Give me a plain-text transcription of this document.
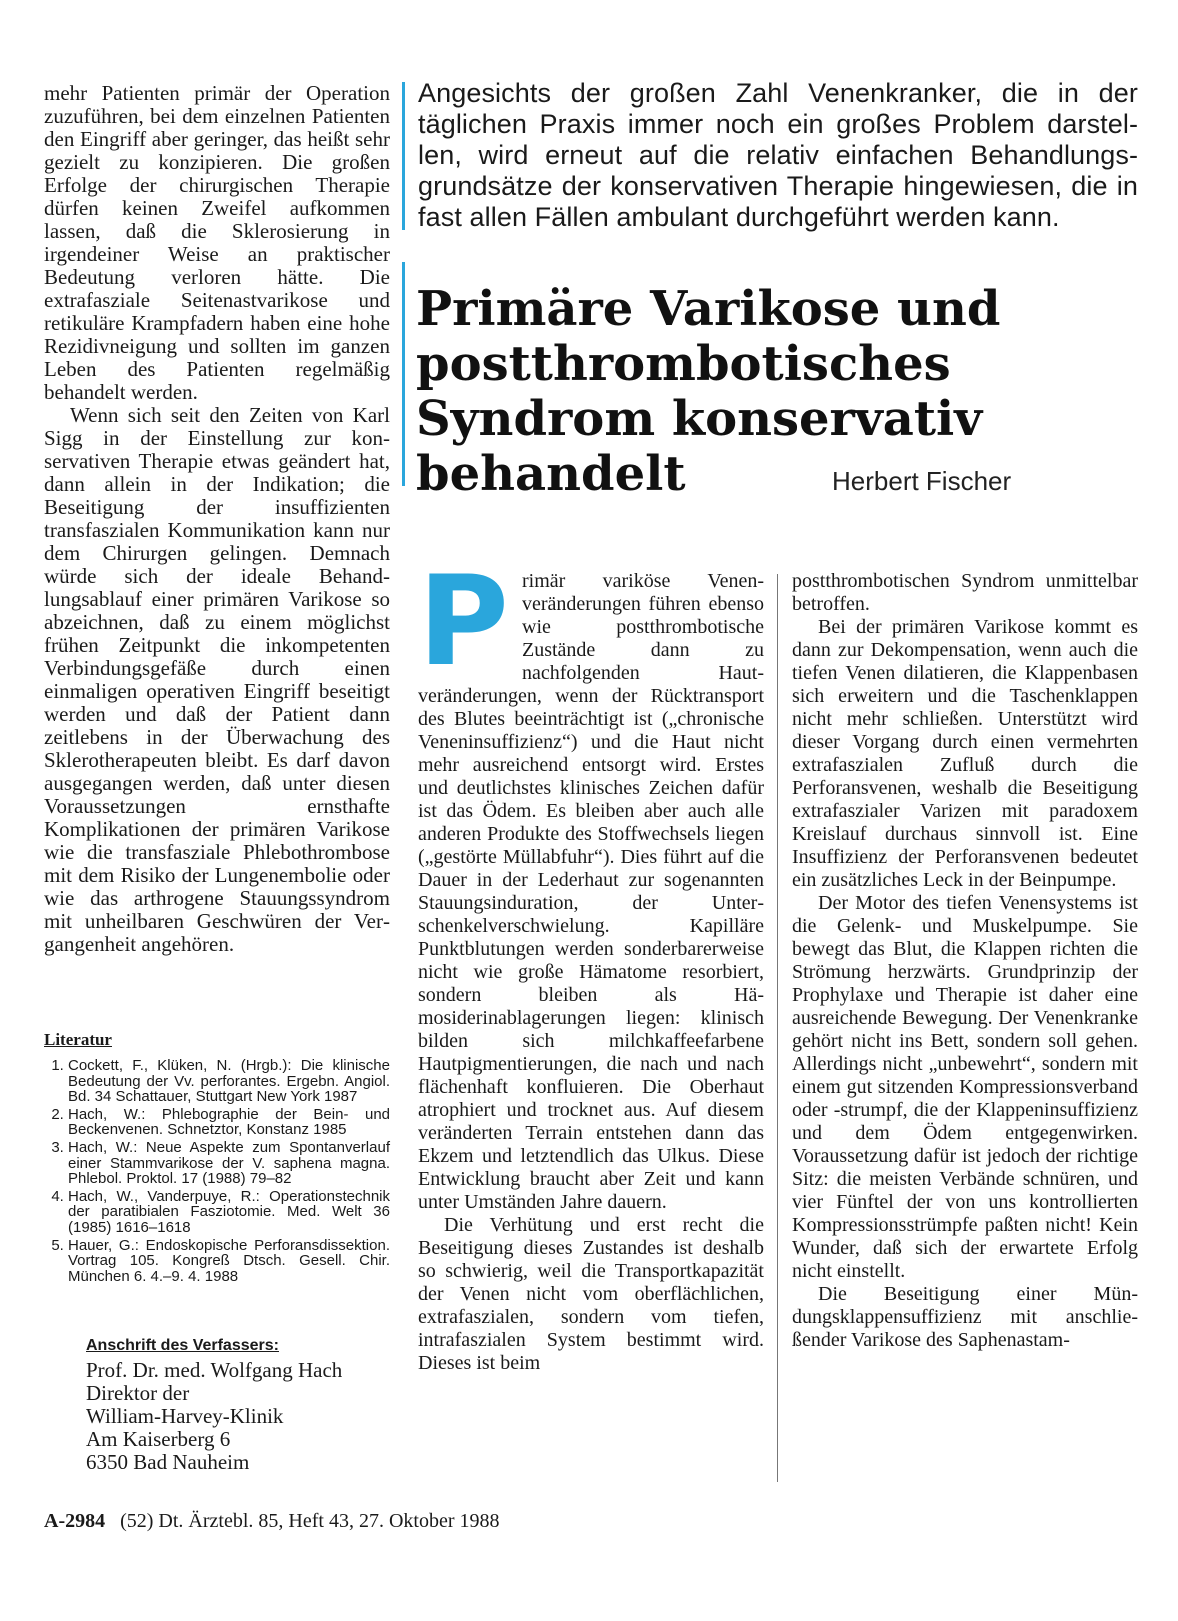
mehr Patienten primär der Operation zuzuführen, bei dem einzelnen Patienten den Eingriff aber geringer, das heißt sehr gezielt zu konzipieren. Die großen Erfolge der chirurgischen Therapie dürfen keinen Zweifel aufkommen lassen, daß die Sklerosierung in irgendeiner Weise an praktischer Bedeutung verloren hätte. Die extrafasziale Seitenastvarikose und retikuläre Krampfadern haben eine hohe Rezidivneigung und sollten im ganzen Leben des Patienten regelmäßig behandelt werden.

Wenn sich seit den Zeiten von Karl Sigg in der Einstellung zur konservativen Therapie etwas geändert hat, dann allein in der Indikation; die Beseitigung der insuffizienten transfaszialen Kommunikation kann nur dem Chirurgen gelingen. Demnach würde sich der ideale Behandlungsablauf einer primären Varikose so abzeichnen, daß zu einem möglichst frühen Zeitpunkt die inkompetenten Verbindungsgefäße durch einen einmaligen operativen Eingriff beseitigt werden und daß der Patient dann zeitlebens in der Überwachung des Sklerotherapeuten bleibt. Es darf davon ausgegangen werden, daß unter diesen Voraussetzungen ernsthafte Komplikationen der primären Varikose wie die transfasziale Phlebothrombose mit dem Risiko der Lungenembolie oder wie das arthrogene Stauungssyndrom mit unheilbaren Geschwüren der Vergangenheit angehören.

Literatur
1. Cockett, F., Klüken, N. (Hrgb.): Die klinische Bedeutung der Vv. perforantes. Ergebn. Angiol. Bd. 34 Schattauer, Stuttgart New York 1987
2. Hach, W.: Phlebographie der Bein- und Beckenvenen. Schnetztor, Konstanz 1985
3. Hach, W.: Neue Aspekte zum Spontanverlauf einer Stammvarikose der V. saphena magna. Phlebol. Proktol. 17 (1988) 79–82
4. Hach, W., Vanderpuye, R.: Operationstechnik der paratibialen Fasziotomie. Med. Welt 36 (1985) 1616–1618
5. Hauer, G.: Endoskopische Perforansdissektion. Vortrag 105. Kongreß Dtsch. Gesell. Chir. München 6. 4.–9. 4. 1988
Anschrift des Verfassers:
Prof. Dr. med. Wolfgang Hach
Direktor der
William-Harvey-Klinik
Am Kaiserberg 6
6350 Bad Nauheim
A-2984 (52) Dt. Ärztebl. 85, Heft 43, 27. Oktober 1988
Angesichts der großen Zahl Venenkranker, die in der täglichen Praxis immer noch ein großes Problem darstellen, wird erneut auf die relativ einfachen Behandlungsgrundsätze der konservativen Therapie hingewiesen, die in fast allen Fällen ambulant durchgeführt werden kann.
Primäre Varikose und postthrombotisches Syndrom konservativ behandelt	Herbert Fischer

Primär variköse Venenveränderungen führen ebenso wie postthrombotische Zustände dann zu nachfolgenden Hautveränderungen, wenn der Rücktransport des Blutes beeinträchtigt ist („chronische Veneninsuffizienz“) und die Haut nicht mehr ausreichend entsorgt wird. Erstes und deutlichstes klinisches Zeichen dafür ist das Ödem. Es bleiben aber auch alle anderen Produkte des Stoffwechsels liegen („gestörte Müllabfuhr“). Dies führt auf die Dauer in der Lederhaut zur sogenannten Stauungsinduration, der Unterschenkelverschwielung. Kapilläre Punktblutungen werden sonderbarerweise nicht wie große Hämatome resorbiert, sondern bleiben als Hämosiderinablagerungen liegen: klinisch bilden sich milchkaffeefarbene Hautpigmentierungen, die nach und nach flächenhaft konfluieren. Die Oberhaut atrophiert und trocknet aus. Auf diesem veränderten Terrain entstehen dann das Ekzem und letztendlich das Ulkus. Diese Entwicklung braucht aber Zeit und kann unter Umständen Jahre dauern.

Die Verhütung und erst recht die Beseitigung dieses Zustandes ist deshalb so schwierig, weil die Transportkapazität der Venen nicht vom oberflächlichen, extrafaszialen, sondern vom tiefen, intrafaszialen System bestimmt wird. Dieses ist beim

postthrombotischen Syndrom unmittelbar betroffen.

Bei der primären Varikose kommt es dann zur Dekompensation, wenn auch die tiefen Venen dilatieren, die Klappenbasen sich erweitern und die Taschenklappen nicht mehr schließen. Unterstützt wird dieser Vorgang durch einen vermehrten extrafaszialen Zufluß durch die Perforansvenen, weshalb die Beseitigung extrafaszialer Varizen mit paradoxem Kreislauf durchaus sinnvoll ist. Eine Insuffizienz der Perforansvenen bedeutet ein zusätzliches Leck in der Beinpumpe.

Der Motor des tiefen Venensystems ist die Gelenk- und Muskelpumpe. Sie bewegt das Blut, die Klappen richten die Strömung herzwärts. Grundprinzip der Prophylaxe und Therapie ist daher eine ausreichende Bewegung. Der Venenkranke gehört nicht ins Bett, sondern soll gehen. Allerdings nicht „unbewehrt“, sondern mit einem gut sitzenden Kompressionsverband oder -strumpf, die der Klappeninsuffizienz und dem Ödem entgegenwirken. Voraussetzung dafür ist jedoch der richtige Sitz: die meisten Verbände schnüren, und vier Fünftel der von uns kontrollierten Kompressionsstrümpfe paßten nicht! Kein Wunder, daß sich der erwartete Erfolg nicht einstellt.

Die Beseitigung einer Mündungsklappensuffizienz mit anschließender Varikose des Saphenastam-
